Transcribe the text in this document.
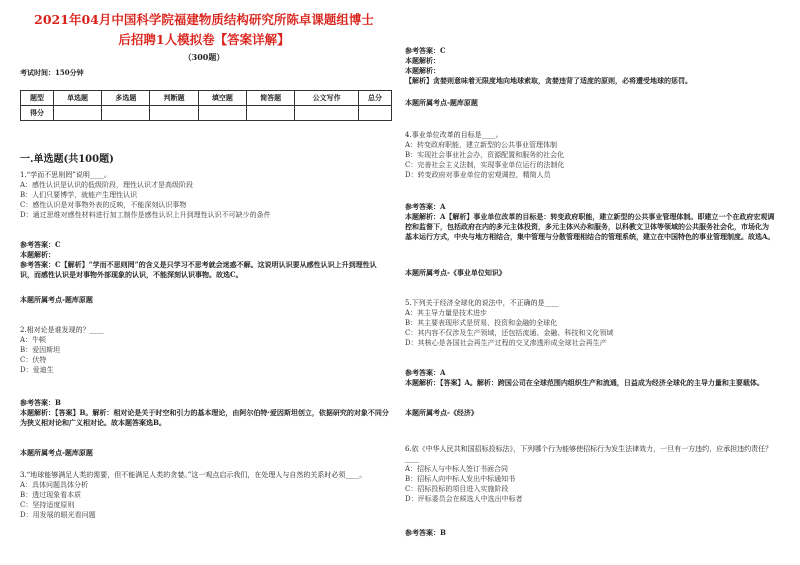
2021年04月中国科学院福建物质结构研究所陈卓课题组博士
后招聘1人模拟卷【答案详解】
（300题）
考试时间：150分钟
题型	单选题	多选题	判断题	填空题	简答题	公文写作	总分
得分							
一.单选题(共100题)
1.“学而不思则罔”说明____。
A：感性认识是认识的低级阶段，理性认识才是高级阶段
B：人们只要博学，就能产生理性认识
C：感性认识是对事物外表的反映，不能深刻认识事物
D：通过思维对感性材料进行加工制作是感性认识上升到理性认识不可缺少的条件
参考答案：C
本题解析：
参考答案：C【解析】“学而不思则罔”的含义是只学习不思考就会迷惑不解。这说明认识要从感性认识上升到理性认识，而感性认识是对事物外部现象的认识，不能深刻认识事物。故选C。
本题所属考点-题库原题
2.相对论是谁发现的？____
A：牛顿
B：爱因斯坦
C：伏特
D：爱迪生
参考答案：B
本题解析：【答案】B。解析：相对论是关于时空和引力的基本理论，由阿尔伯特·爱因斯坦创立，依据研究的对象不同分为狭义相对论和广义相对论。故本题答案选B。
本题所属考点-题库原题
3.“地球能够满足人类的需要，但不能满足人类的贪婪。”这一观点启示我们，在处理人与自然的关系时必须____。
A：具体问题具体分析
B：透过现象看本质
C：坚持适度原则
D：用发展的眼光看问题
参考答案：C
本题解析：
本题解析：
【解析】贪婪则意味着无限度地向地球索取，贪婪违背了适度的原则，必将遭受地球的惩罚。
本题所属考点-题库原题
4.事业单位改革的目标是____。
A：转变政府职能，建立新型的公共事业管理体制
B：实现社会事业社会办，资源配置和服务的社会化
C：完善社会主义法制，实现事业单位运行的法制化
D：转变政府对事业单位的宏观调控，精简人员
参考答案：A
本题解析：A【解析】事业单位改革的目标是：转变政府职能，建立新型的公共事业管理体制。即建立一个在政府宏观调控和监督下，包括政府在内的多元主体投资，多元主体兴办和服务，以科教文卫体等领域的公共服务社会化，市场化为基本运行方式，中央与地方相结合，集中管理与分散管理相结合的管理系统，建立在中国特色的事业管理制度。故选A。
本题所属考点-《事业单位知识》
5.下列关于经济全球化的说法中，不正确的是____
A：其主导力量是技术进步
B：其主要表现形式是贸易、投资和金融的全球化
C：其内容不仅涉及生产领域，还包括流通、金融、科技和文化领域
D：其核心是各国社会再生产过程的交叉渗透形成全球社会再生产
参考答案：A
本题解析：【答案】A。解析：跨国公司在全球范围内组织生产和流通，日益成为经济全球化的主导力量和主要载体。
本题所属考点-《经济》
6.依《中华人民共和国招标投标法》，下列哪个行为能够使招标行为发生法律效力，一旦有一方违约，应承担违约责任？____
A：招标人与中标人签订书面合同
B：招标人向中标人发出中标通知书
C：招标投标的项目进入实施阶段
D：评标委员会在候选人中选出中标者
参考答案：B
